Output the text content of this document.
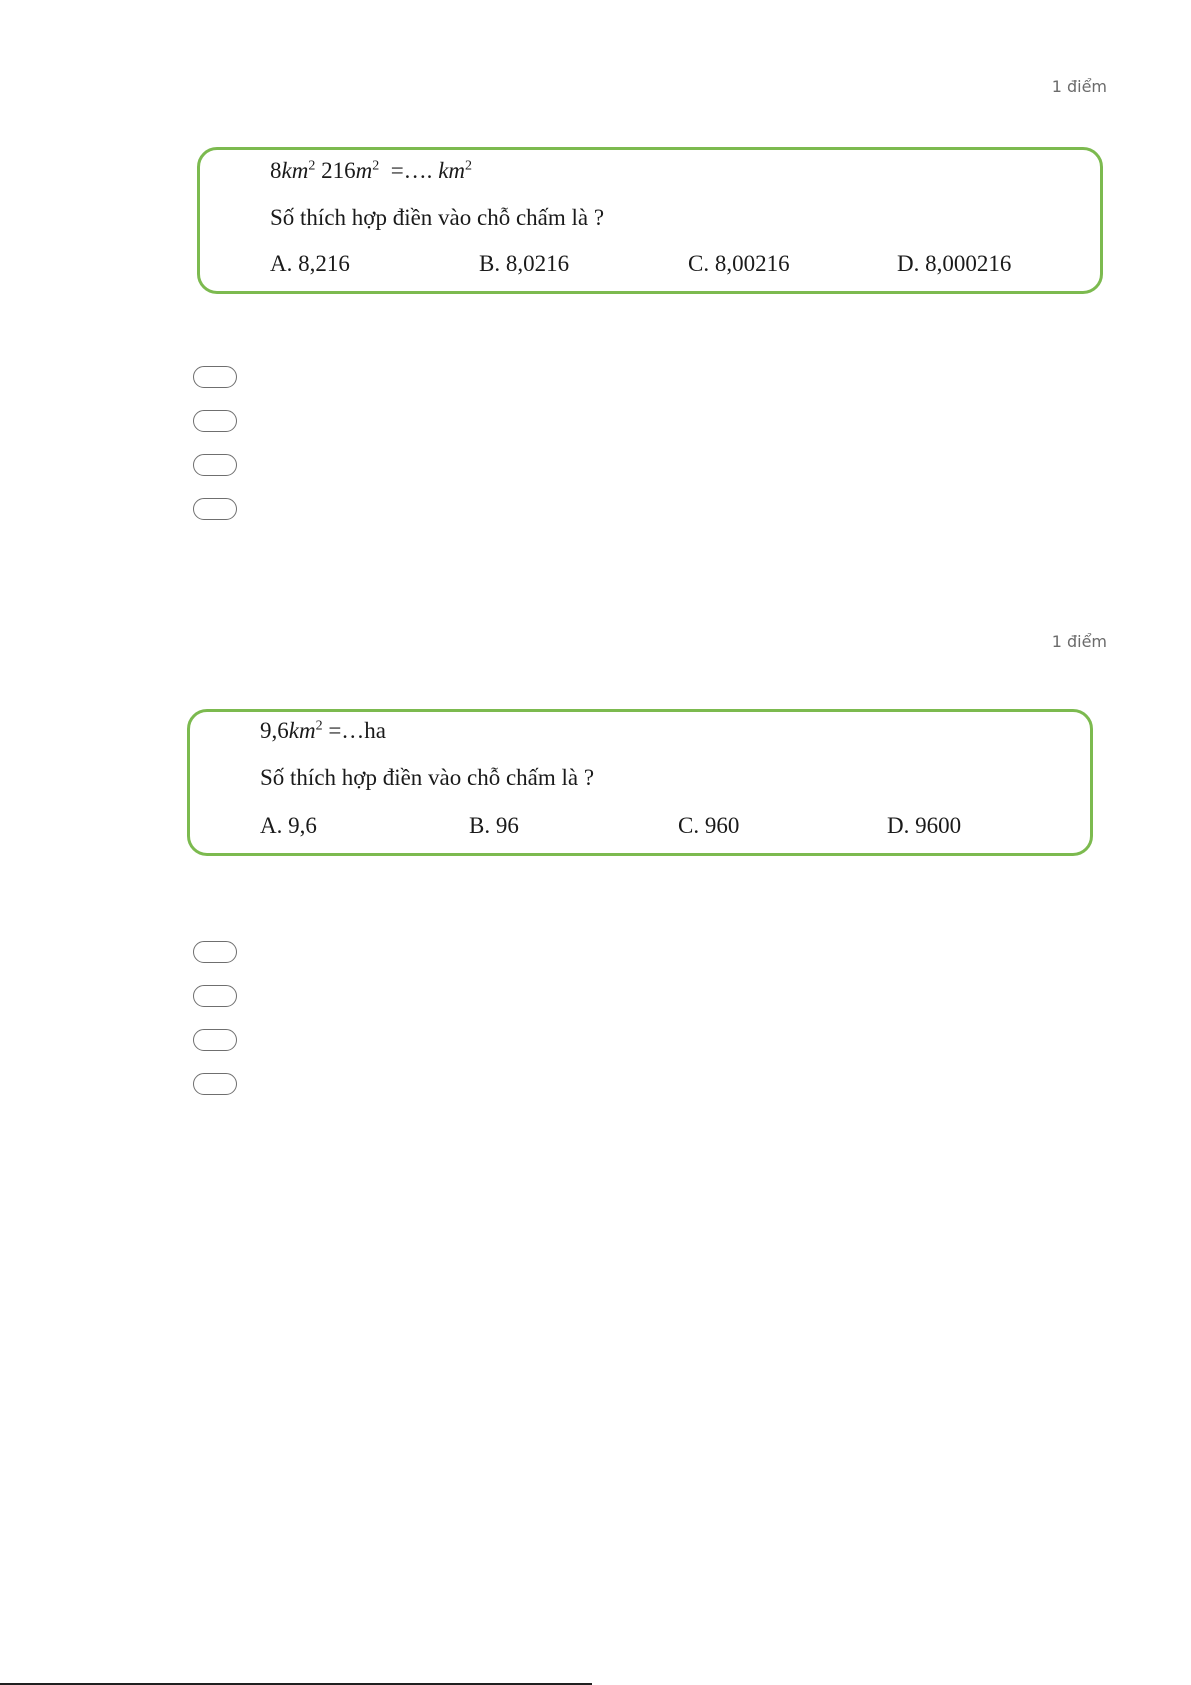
1 điểm
$8km^2$ $216m^2$  =…. $km^2$
Số thích hợp điền vào chỗ chấm là ?
A. 8,216	B. 8,0216	C. 8,00216	D. 8,000216
1 điểm
$9,6km^2$ =…ha
Số thích hợp điền vào chỗ chấm là ?
A. 9,6	B. 96	C. 960	D. 9600
